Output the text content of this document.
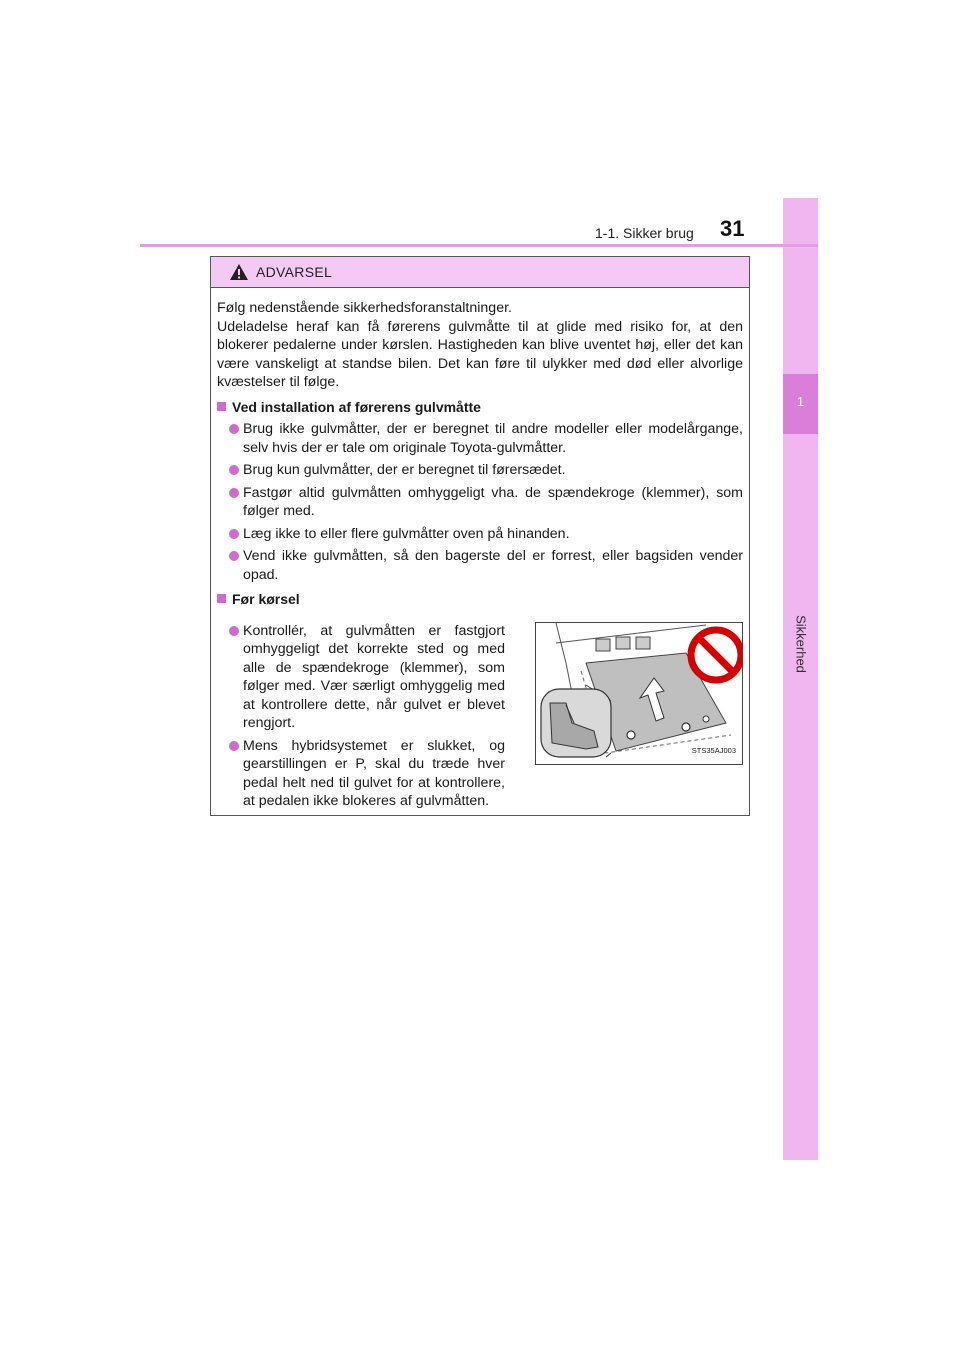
1
Sikkerhed
1-1. Sikker brug 31
ADVARSEL

Følg nedenstående sikkerhedsforanstaltninger.
Udeladelse heraf kan få førerens gulvmåtte til at glide med risiko for, at den blokerer pedalerne under kørslen. Hastigheden kan blive uventet høj, eller det kan være vanskeligt at standse bilen. Det kan føre til ulykker med død eller alvorlige kvæstelser til følge.

Ved installation af førerens gulvmåtte
Brug ikke gulvmåtter, der er beregnet til andre modeller eller modelårgange, selv hvis der er tale om originale Toyota-gulvmåtter.
Brug kun gulvmåtter, der er beregnet til førersædet.
Fastgør altid gulvmåtten omhyggeligt vha. de spændekroge (klemmer), som følger med.
Læg ikke to eller flere gulvmåtter oven på hinanden.
Vend ikke gulvmåtten, så den bagerste del er forrest, eller bagsiden vender opad.
Før kørsel
Kontrollér, at gulvmåtten er fastgjort omhyggeligt det korrekte sted og med alle de spændekroge (klemmer), som følger med. Vær særligt omhyggelig med at kontrollere dette, når gulvet er blevet rengjort.
Mens hybridsystemet er slukket, og gearstillingen er P, skal du træde hver pedal helt ned til gulvet for at kontrollere, at pedalen ikke blokeres af gulvmåtten.
STS35AJ003
